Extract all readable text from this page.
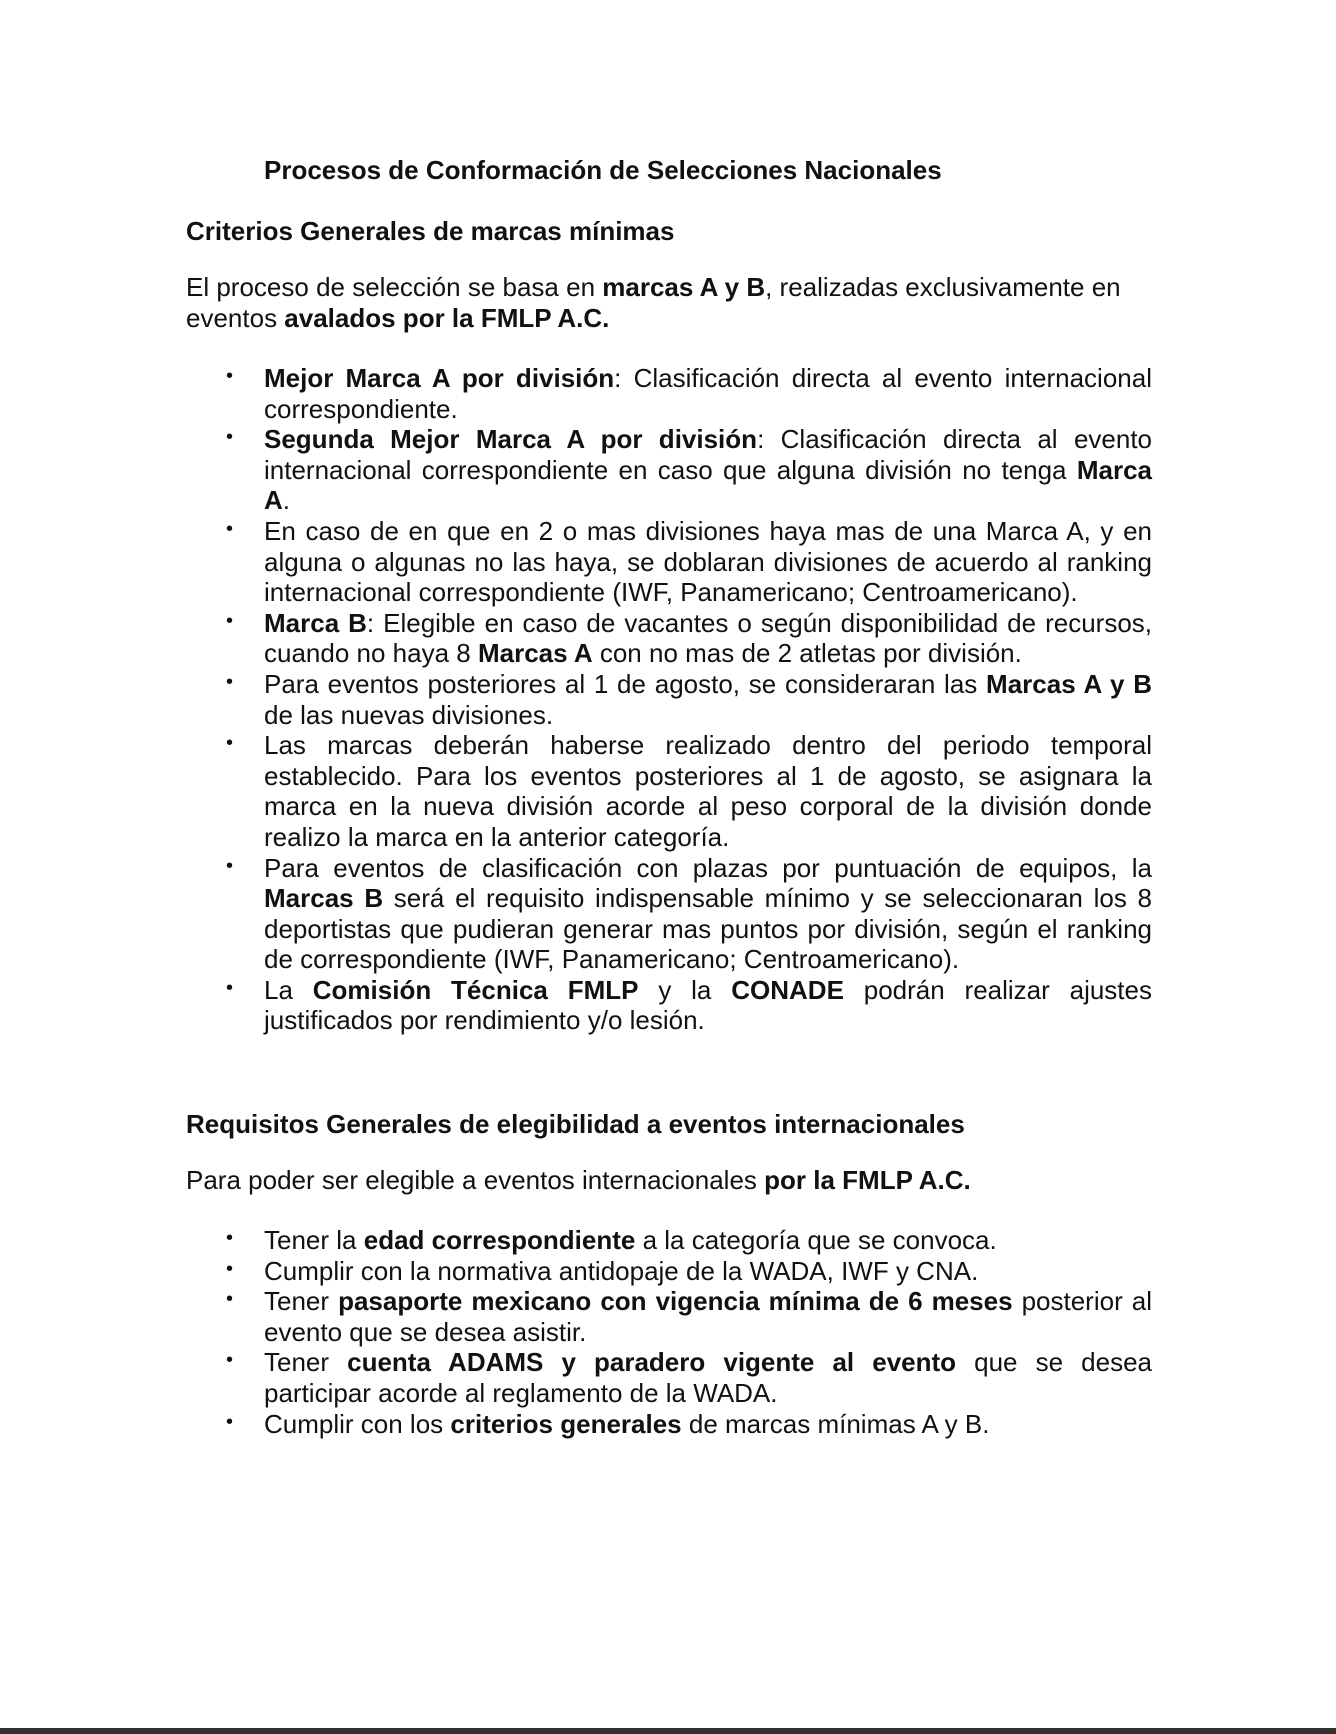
Procesos de Conformación de Selecciones Nacionales
Criterios Generales de marcas mínimas

El proceso de selección se basa en marcas A y B, realizadas exclusivamente en eventos avalados por la FMLP A.C.

• Mejor Marca A por división: Clasificación directa al evento internacional correspondiente.
• Segunda Mejor Marca A por división: Clasificación directa al evento internacional correspondiente en caso que alguna división no tenga Marca A.
• En caso de en que en 2 o mas divisiones haya mas de una Marca A, y en alguna o algunas no las haya, se doblaran divisiones de acuerdo al ranking internacional correspondiente (IWF, Panamericano; Centroamericano).
• Marca B: Elegible en caso de vacantes o según disponibilidad de recursos, cuando no haya 8 Marcas A con no mas de 2 atletas por división.
• Para eventos posteriores al 1 de agosto, se consideraran las Marcas A y B de las nuevas divisiones.
• Las marcas deberán haberse realizado dentro del periodo temporal establecido. Para los eventos posteriores al 1 de agosto, se asignara la marca en la nueva división acorde al peso corporal de la división donde realizo la marca en la anterior categoría.
• Para eventos de clasificación con plazas por puntuación de equipos, la Marcas B será el requisito indispensable mínimo y se seleccionaran los 8 deportistas que pudieran generar mas puntos por división, según el ranking de correspondiente (IWF, Panamericano; Centroamericano).
• La Comisión Técnica FMLP y la CONADE podrán realizar ajustes justificados por rendimiento y/o lesión.
Requisitos Generales de elegibilidad a eventos internacionales

Para poder ser elegible a eventos internacionales por la FMLP A.C.

• Tener la edad correspondiente a la categoría que se convoca.
• Cumplir con la normativa antidopaje de la WADA, IWF y CNA.
• Tener pasaporte mexicano con vigencia mínima de 6 meses posterior al evento que se desea asistir.
• Tener cuenta ADAMS y paradero vigente al evento que se desea participar acorde al reglamento de la WADA.
• Cumplir con los criterios generales de marcas mínimas A y B.
